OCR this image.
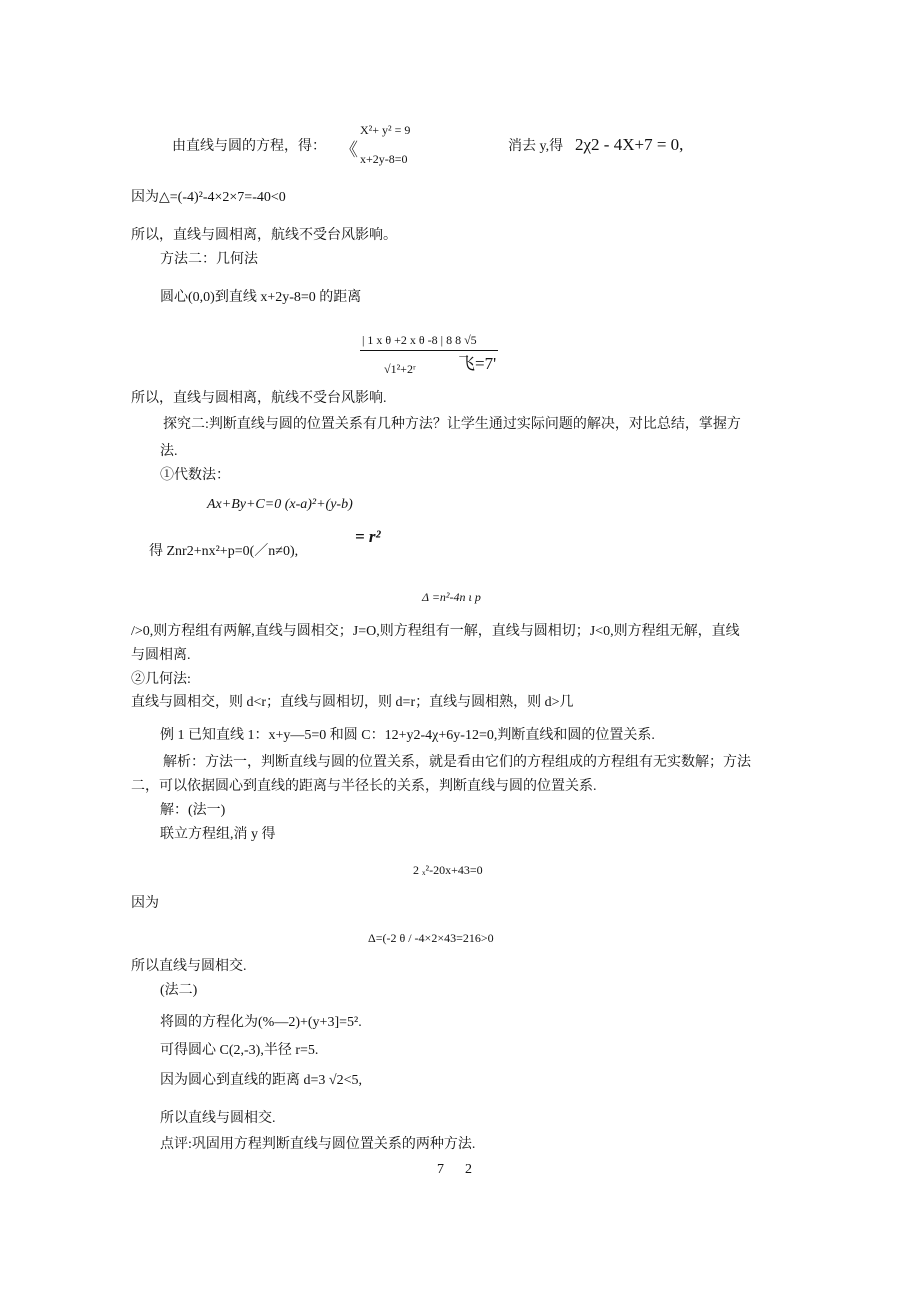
由直线与圆的方程，得： 《
X²+ y² = 9
x+2y-8=0
消去 y,得 2χ2 - 4X+7 = 0,
因为△=(-4)²-4×2×7=-40<0
所以，直线与圆相离，航线不受台风影响。
方法二：几何法
圆心(0,0)到直线 x+2y-8=0 的距离
| 1 x θ +2 x θ -8 | 8 8 √5
√1²+2ʳ 飞=7'
所以，直线与圆相离，航线不受台风影响.
探究二:判断直线与圆的位置关系有几种方法？让学生通过实际问题的解决，对比总结，掌握方
法.
①代数法：
Ax+By+C=0 (x-a)²+(y-b)
= r²
得 Znr2+nx²+p=0(／n≠0),
Δ =n²-4n ι p
/>0,则方程组有两解,直线与圆相交；J=O,则方程组有一解，直线与圆相切；J<0,则方程组无解，直线
与圆相离.
②几何法:
直线与圆相交，则 d<r；直线与圆相切，则 d=r；直线与圆相熟，则 d>几
例 1 已知直线 1：x+y—5=0 和圆 C：12+y2-4χ+6y-12=0,判断直线和圆的位置关系.
解析：方法一，判断直线与圆的位置关系，就是看由它们的方程组成的方程组有无实数解；方法
二，可以依据圆心到直线的距离与半径长的关系，判断直线与圆的位置关系.
解：(法一)
联立方程组,消 y 得
2 ₓ²-20x+43=0
因为
Δ=(-2 θ / -4×2×43=216>0
所以直线与圆相交.
(法二)
将圆的方程化为(%—2)+(y+3]=5².
可得圆心 C(2,-3),半径 r=5.
因为圆心到直线的距离 d=3 √2<5,
所以直线与圆相交.
点评:巩固用方程判断直线与圆位置关系的两种方法.
7      2
